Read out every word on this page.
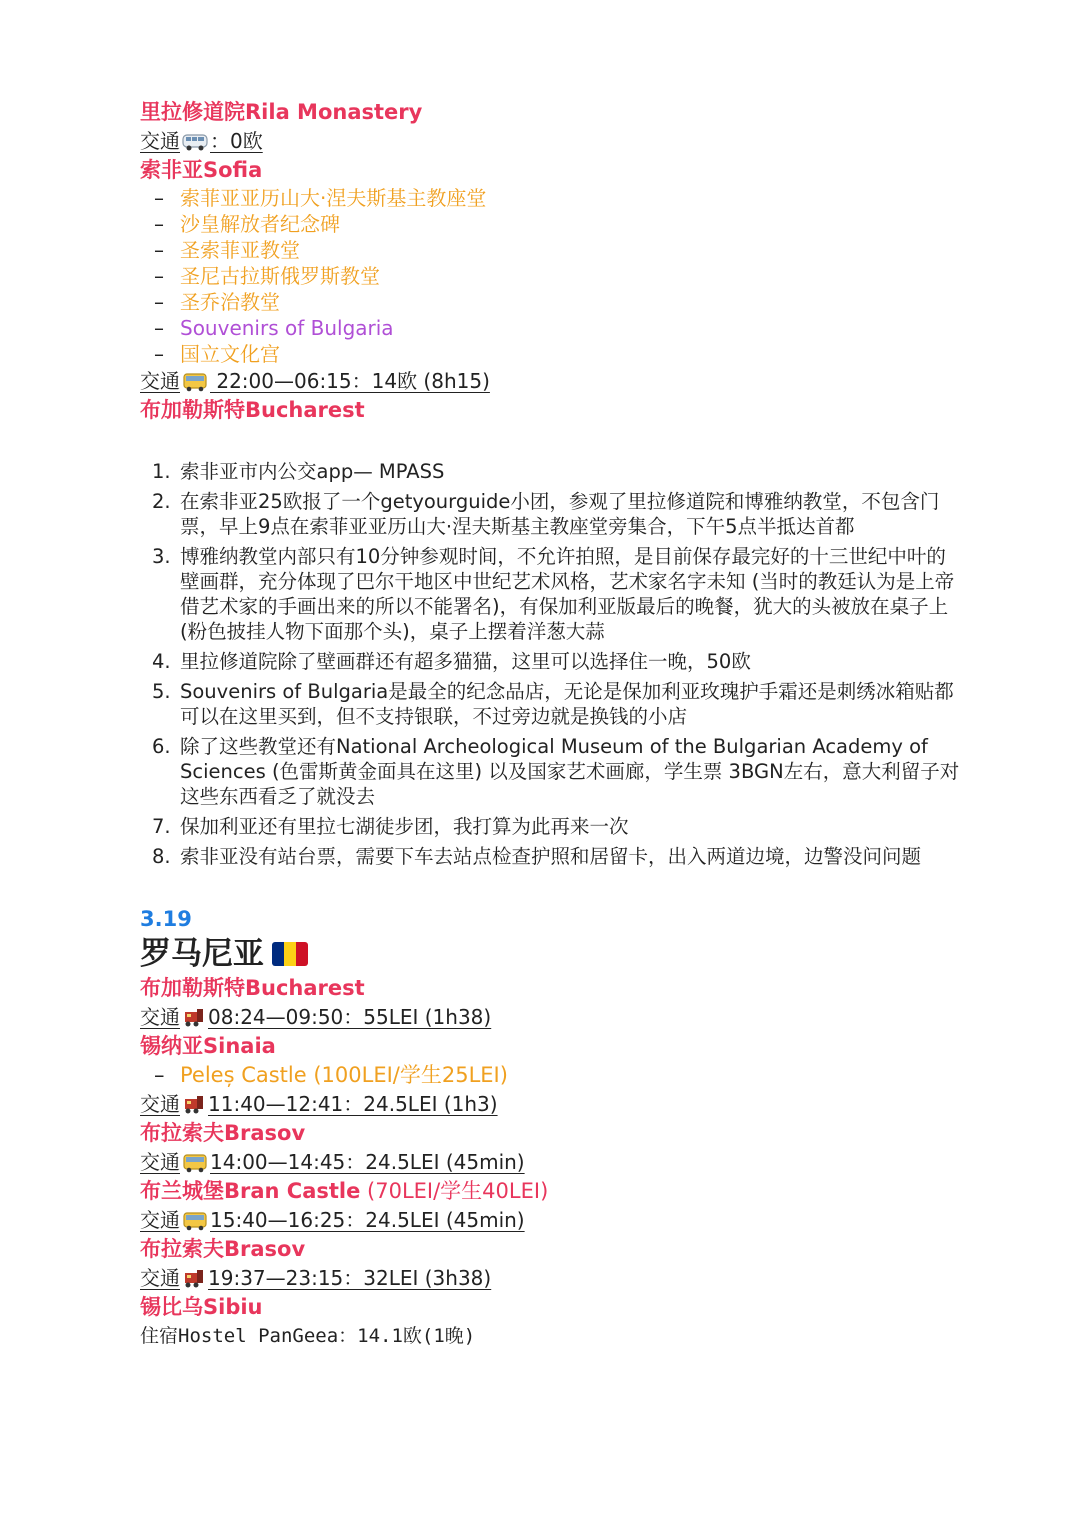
里拉修道院Rila Monastery
交通 ：0欧
索非亚Sofia
– 索菲亚亚历山大·涅夫斯基主教座堂
– 沙皇解放者纪念碑
– 圣索菲亚教堂
– 圣尼古拉斯俄罗斯教堂
– 圣乔治教堂
– Souvenirs of Bulgaria
– 国立文化宫
交通 22:00—06:15：14欧 (8h15)
布加勒斯特Bucharest
1. 索非亚市内公交app— MPASS
2. 在索非亚25欧报了一个getyourguide小团，参观了里拉修道院和博雅纳教堂，不包含门票，早上9点在索菲亚亚历山大·涅夫斯基主教座堂旁集合，下午5点半抵达首都
3. 博雅纳教堂内部只有10分钟参观时间，不允许拍照，是目前保存最完好的十三世纪中叶的壁画群，充分体现了巴尔干地区中世纪艺术风格，艺术家名字未知 (当时的教廷认为是上帝借艺术家的手画出来的所以不能署名)，有保加利亚版最后的晚餐，犹大的头被放在桌子上 (粉色披挂人物下面那个头)，桌子上摆着洋葱大蒜
4. 里拉修道院除了壁画群还有超多猫猫，这里可以选择住一晚，50欧
5. Souvenirs of Bulgaria是最全的纪念品店，无论是保加利亚玫瑰护手霜还是刺绣冰箱贴都可以在这里买到，但不支持银联，不过旁边就是换钱的小店
6. 除了这些教堂还有National Archeological Museum of the Bulgarian Academy of Sciences (色雷斯黄金面具在这里) 以及国家艺术画廊，学生票 3BGN左右，意大利留子对这些东西看乏了就没去
7. 保加利亚还有里拉七湖徒步团，我打算为此再来一次
8. 索非亚没有站台票，需要下车去站点检查护照和居留卡，出入两道边境，边警没问问题
3.19
罗马尼亚
布加勒斯特Bucharest
交通 08:24—09:50：55LEI (1h38)
锡纳亚Sinaia
– Peleș Castle (100LEI/学生25LEI)
交通 11:40—12:41：24.5LEI (1h3)
布拉索夫Brasov
交通 14:00—14:45：24.5LEI (45min)
布兰城堡Bran Castle (70LEI/学生40LEI)
交通 15:40—16:25：24.5LEI (45min)
布拉索夫Brasov
交通 19:37—23:15：32LEI (3h38)
锡比乌Sibiu
住宿Hostel PanGeea：14.1欧(1晚)
